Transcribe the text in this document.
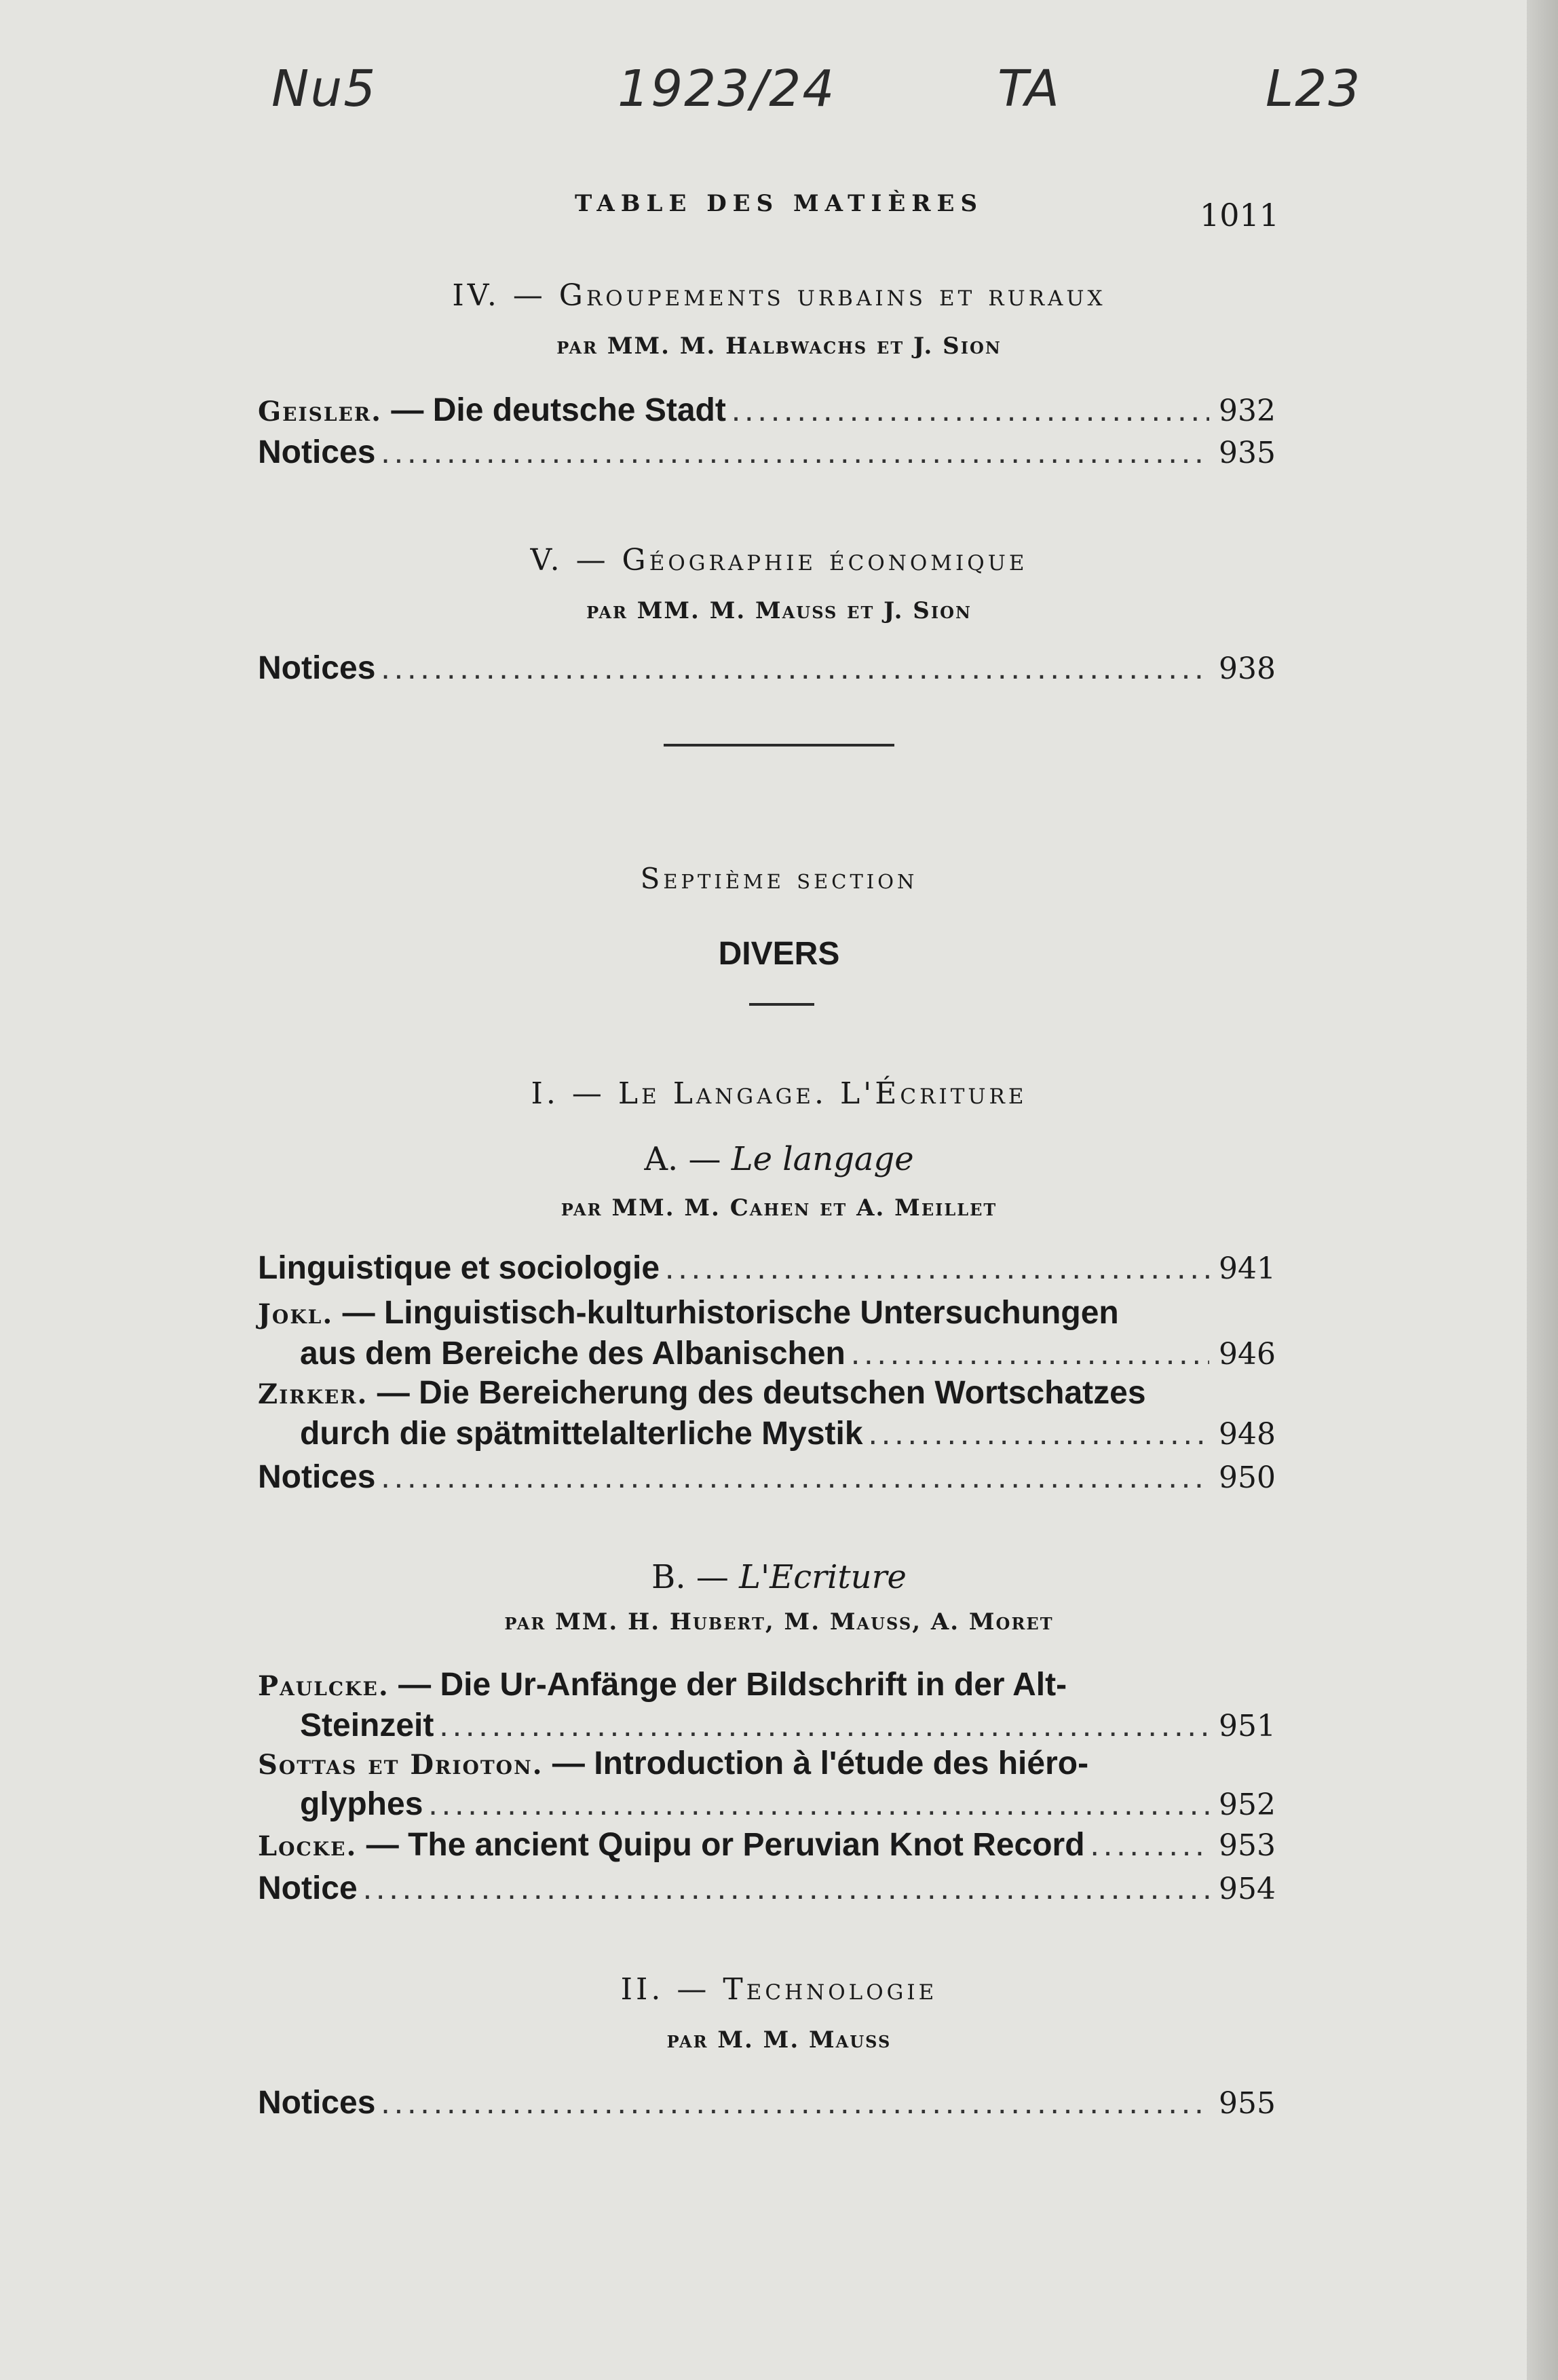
Nu5	1923/24	TA	L23
TABLE DES MATIÈRES	1011
IV. — Groupements urbains et ruraux
par MM. M. Halbwachs et J. Sion
Geisler. — Die deutsche Stadt .....	932
Notices .....	935
V. — Géographie économique
par MM. M. Mauss et J. Sion
Notices .....	938
Septième section
DIVERS
I. — Le Langage. L'Écriture
A. — Le langage
par MM. M. Cahen et A. Meillet
Linguistique et sociologie .....	941
Jokl. — Linguistisch-kulturhistorische Untersuchungen
aus dem Bereiche des Albanischen .....	946
Zirker. — Die Bereicherung des deutschen Wortschatzes
durch die spätmittelalterliche Mystik .....	948
Notices .....	950
B. — L'Ecriture
par MM. H. Hubert, M. Mauss, A. Moret
Paulcke. — Die Ur-Anfänge der Bildschrift in der Alt-
Steinzeit .....	951
Sottas et Drioton. — Introduction à l'étude des hiéro-
glyphes .....	952
Locke. — The ancient Quipu or Peruvian Knot Record .....	953
Notice .....	954
II. — Technologie
par M. M. Mauss
Notices .....	955
